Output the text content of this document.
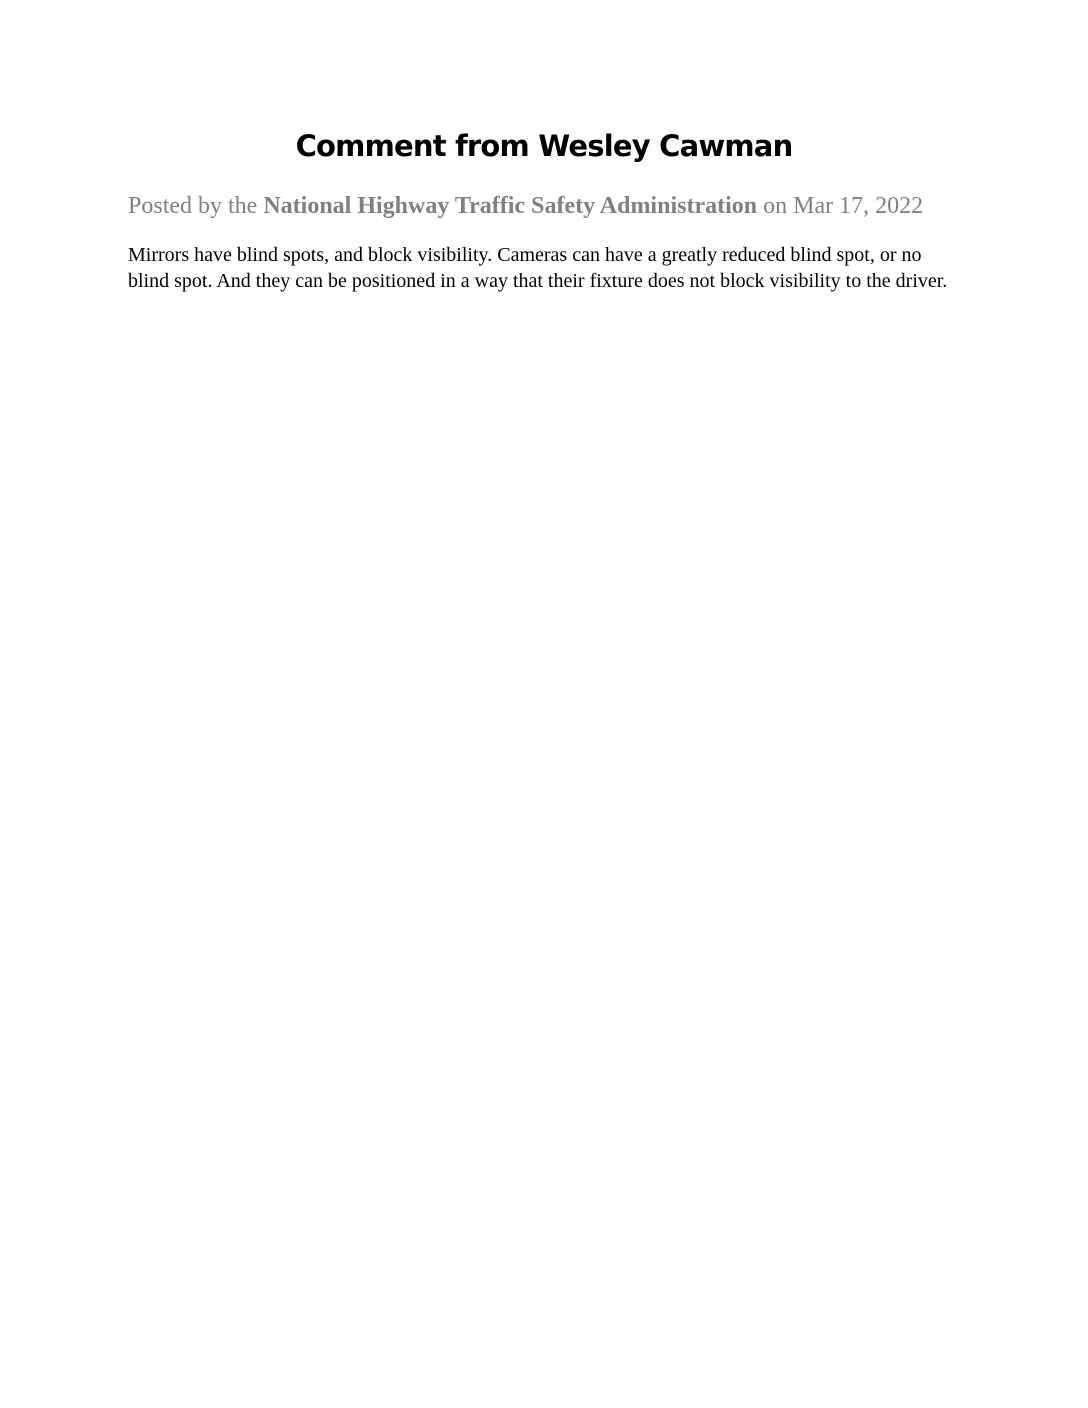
Comment from Wesley Cawman
Posted by the National Highway Traffic Safety Administration on Mar 17, 2022

Mirrors have blind spots, and block visibility. Cameras can have a greatly reduced blind spot, or no blind spot. And they can be positioned in a way that their fixture does not block visibility to the driver.
